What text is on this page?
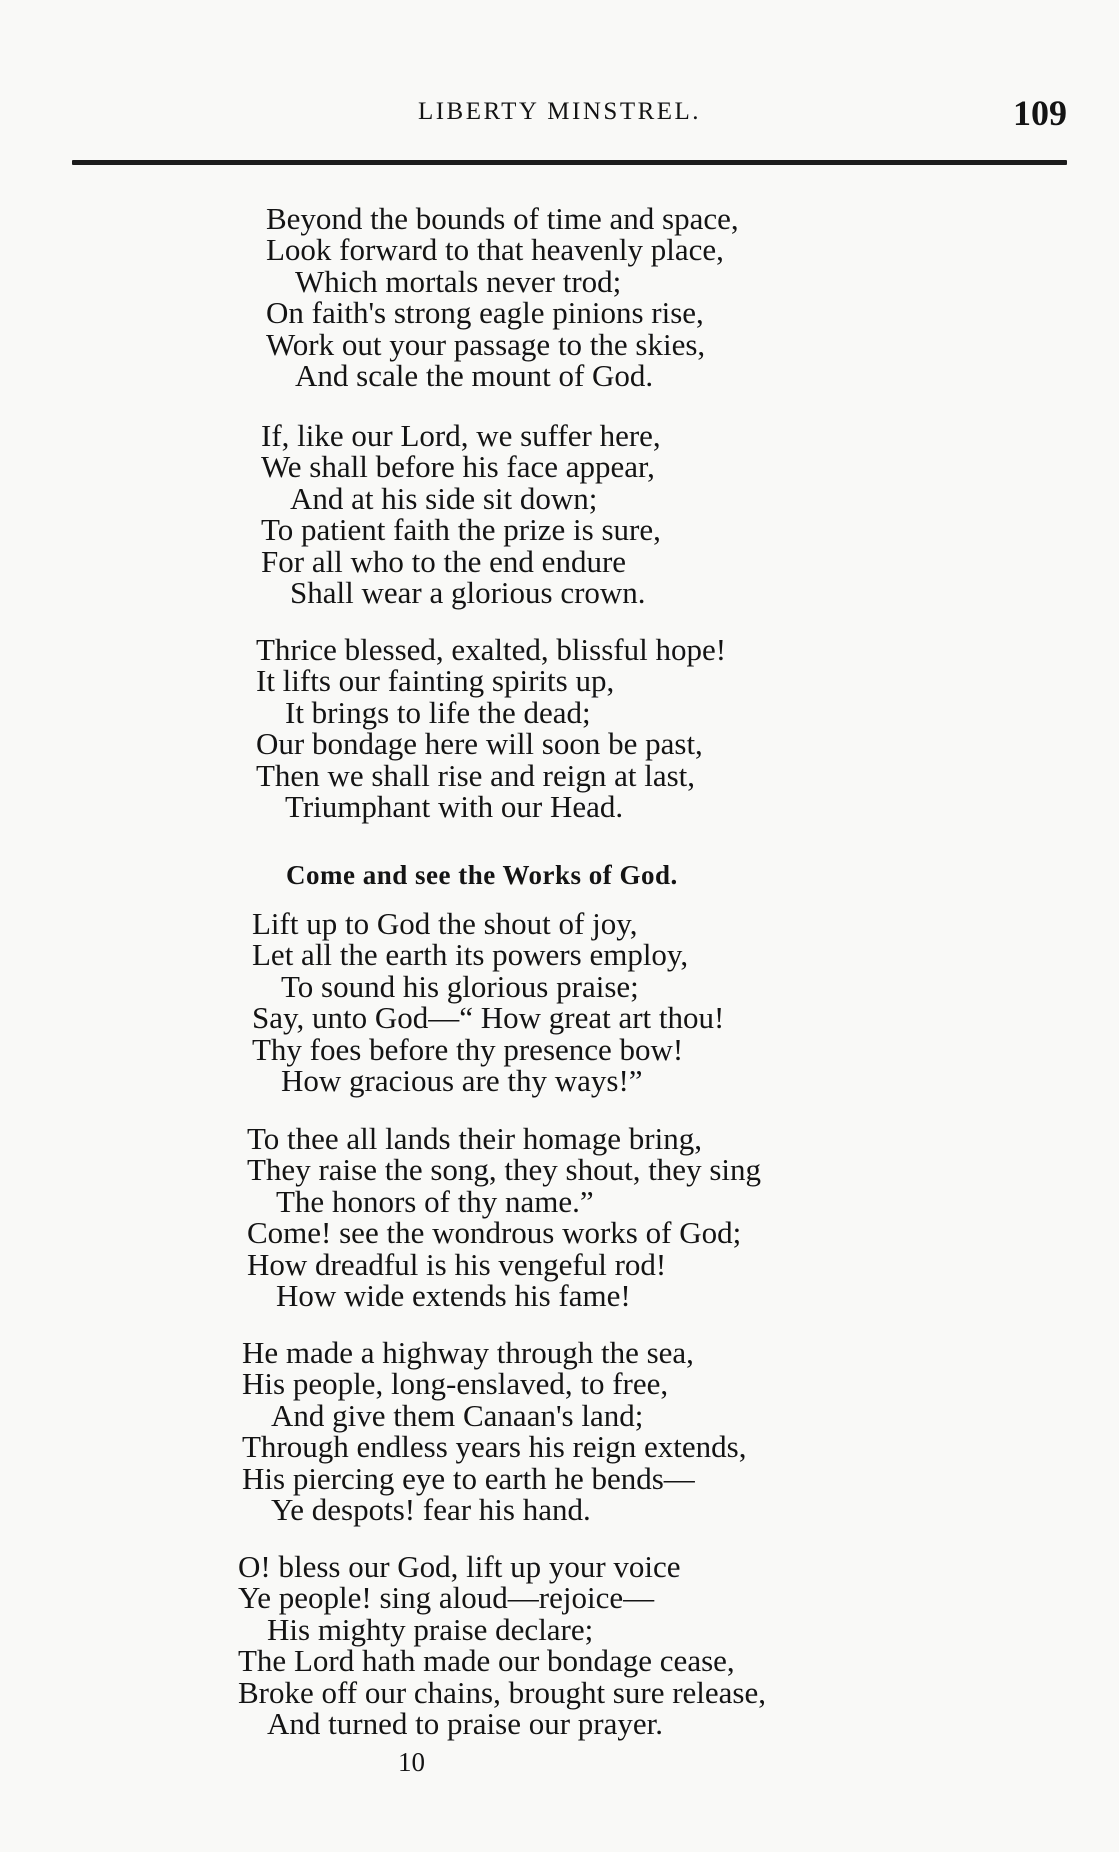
LIBERTY MINSTREL.	109
Beyond the bounds of time and space,
Look forward to that heavenly place,
Which mortals never trod;
On faith's strong eagle pinions rise,
Work out your passage to the skies,
And scale the mount of God.
If, like our Lord, we suffer here,
We shall before his face appear,
And at his side sit down;
To patient faith the prize is sure,
For all who to the end endure
Shall wear a glorious crown.
Thrice blessed, exalted, blissful hope!
It lifts our fainting spirits up,
It brings to life the dead;
Our bondage here will soon be past,
Then we shall rise and reign at last,
Triumphant with our Head.
Come and see the Works of God.
Lift up to God the shout of joy,
Let all the earth its powers employ,
To sound his glorious praise;
Say, unto God—“ How great art thou!
Thy foes before thy presence bow!
How gracious are thy ways!”
To thee all lands their homage bring,
They raise the song, they shout, they sing
The honors of thy name.”
Come! see the wondrous works of God;
How dreadful is his vengeful rod!
How wide extends his fame!
He made a highway through the sea,
His people, long-enslaved, to free,
And give them Canaan's land;
Through endless years his reign extends,
His piercing eye to earth he bends—
Ye despots! fear his hand.
O! bless our God, lift up your voice
Ye people! sing aloud—rejoice—
His mighty praise declare;
The Lord hath made our bondage cease,
Broke off our chains, brought sure release,
And turned to praise our prayer.
10
